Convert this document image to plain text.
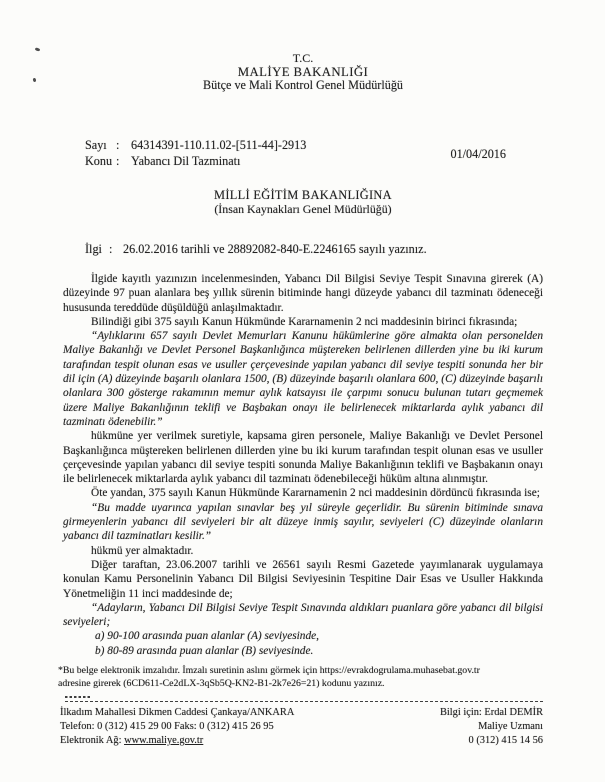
T.C.
MALİYE BAKANLIĞI
Bütçe ve Mali Kontrol Genel Müdürlüğü
Sayı : 64314391-110.11.02-[511-44]-2913
Konu : Yabancı Dil Tazminatı	01/04/2016
MİLLİ EĞİTİM BAKANLIĞINA
(İnsan Kaynakları Genel Müdürlüğü)
İlgi : 26.02.2016 tarihli ve 28892082-840-E.2246165 sayılı yazınız.

İlgide kayıtlı yazınızın incelenmesinden, Yabancı Dil Bilgisi Seviye Tespit Sınavına girerek (A) düzeyinde 97 puan alanlara beş yıllık sürenin bitiminde hangi düzeyde yabancı dil tazminatı ödeneceği hususunda tereddüde düşüldüğü anlaşılmaktadır.

Bilindiği gibi 375 sayılı Kanun Hükmünde Kararnamenin 2 nci maddesinin birinci fıkrasında;

“Aylıklarını 657 sayılı Devlet Memurları Kanunu hükümlerine göre almakta olan personelden Maliye Bakanlığı ve Devlet Personel Başkanlığınca müştereken belirlenen dillerden yine bu iki kurum tarafından tespit olunan esas ve usuller çerçevesinde yapılan yabancı dil seviye tespiti sonunda her bir dil için (A) düzeyinde başarılı olanlara 1500, (B) düzeyinde başarılı olanlara 600, (C) düzeyinde başarılı olanlara 300 gösterge rakamının memur aylık katsayısı ile çarpımı sonucu bulunan tutarı geçmemek üzere Maliye Bakanlığının teklifi ve Başbakan onayı ile belirlenecek miktarlarda aylık yabancı dil tazminatı ödenebilir.”

hükmüne yer verilmek suretiyle, kapsama giren personele, Maliye Bakanlığı ve Devlet Personel Başkanlığınca müştereken belirlenen dillerden yine bu iki kurum tarafından tespit olunan esas ve usuller çerçevesinde yapılan yabancı dil seviye tespiti sonunda Maliye Bakanlığının teklifi ve Başbakanın onayı ile belirlenecek miktarlarda aylık yabancı dil tazminatı ödenebileceği hüküm altına alınmıştır.

Öte yandan, 375 sayılı Kanun Hükmünde Kararnamenin 2 nci maddesinin dördüncü fıkrasında ise;

“Bu madde uyarınca yapılan sınavlar beş yıl süreyle geçerlidir. Bu sürenin bitiminde sınava girmeyenlerin yabancı dil seviyeleri bir alt düzeye inmiş sayılır, seviyeleri (C) düzeyinde olanların yabancı dil tazminatları kesilir.”

hükmü yer almaktadır.

Diğer taraftan, 23.06.2007 tarihli ve 26561 sayılı Resmi Gazetede yayımlanarak uygulamaya konulan Kamu Personelinin Yabancı Dil Bilgisi Seviyesinin Tespitine Dair Esas ve Usuller Hakkında Yönetmeliğin 11 inci maddesinde de;

“Adayların, Yabancı Dil Bilgisi Seviye Tespit Sınavında aldıkları puanlara göre yabancı dil bilgisi seviyeleri;

a) 90-100 arasında puan alanlar (A) seviyesinde,

b) 80-89 arasında puan alanlar (B) seviyesinde.

*Bu belge elektronik imzalıdır. İmzalı suretinin aslını görmek için https://evrakdogrulama.muhasebat.gov.tr
adresine girerek (6CD611-Ce2dLX-3qSb5Q-KN2-B1-2k7e26=21) kodunu yazınız.
İlkadım Mahallesi Dikmen Caddesi Çankaya/ANKARA
Telefon: 0 (312) 415 29 00 Faks: 0 (312) 415 26 95
Elektronik Ağ: www.maliye.gov.tr
Bilgi için: Erdal DEMİR
Maliye Uzmanı
0 (312) 415 14 56
